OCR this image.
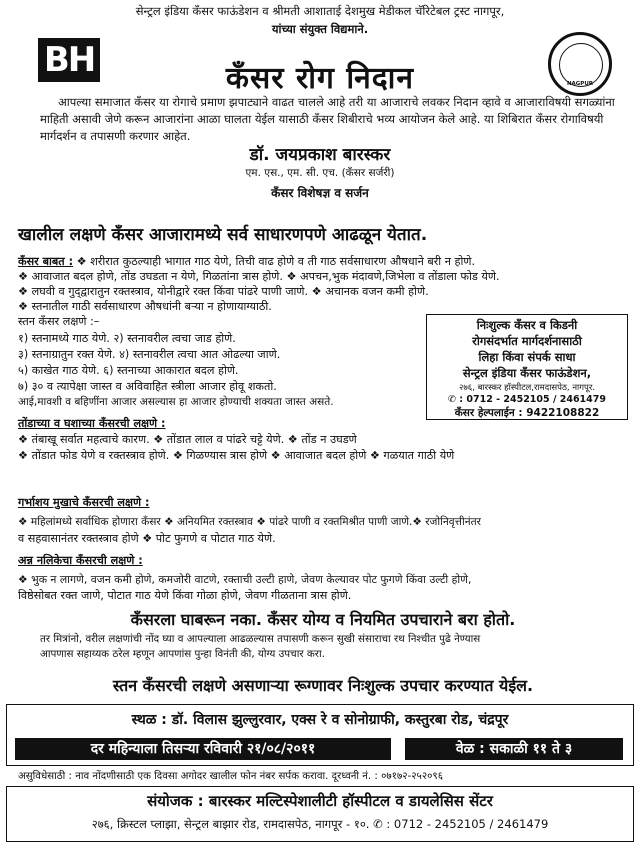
सेन्ट्रल इंडिया कॅंसर फाऊंडेशन व श्रीमती आशाताई देशमुख मेडीकल चॅरिटेबल ट्रस्ट नागपूर,
यांच्या संयुक्त विद्यमाने.
BH
NAGPUR
कॅंसर रोग निदान
आपल्या समाजात कॅंसर या रोगाचे प्रमाण झपाट्याने वाढत चालले आहे तरी या आजाराचे लवकर निदान व्हावे व आजाराविषयी सगळ्यांना माहिती असावी जेणे करून आजारांना आळा घालता येईल यासाठी कॅंसर शिबीराचे भव्य आयोजन केले आहे. या शिबिरात कॅंसर रोगाविषयी मार्गदर्शन व तपासणी करणार आहेत.
डॉ. जयप्रकाश बारस्कर
एम. एस., एम. सी. एच. (कॅंसर सर्जरी)
कॅंसर विशेषज्ञ व सर्जन
खालील लक्षणे कॅंसर आजारामध्ये सर्व साधारणपणे आढळून येतात.
कॅंसर बाबत : ❖ शरीरात कुठल्याही भागात गाठ येणे, तिची वाढ होणे व ती गाठ सर्वसाधारण औषधाने बरी न होणे.
❖ आवाजात बदल होणे, तोंड उघडता न येणे, गिळतांना त्रास होणे. ❖ अपचन,भुक मंदावणे,जिभेला व तोंडाला फोड येणे.
❖ लघवी व गुद्‌द्वारातुन रक्तस्त्राव, योनीद्वारे रक्त किंवा पांढरे पाणी जाणे. ❖ अचानक वजन कमी होणे.
❖ स्तनातील गाठी सर्वसाधारण औषधांनी बऱ्या न होणायाग्याठी.
स्तन कॅंसर लक्षणे :–
१) स्तनामध्ये गाठ येणे. २) स्तनावरील त्वचा जाड होणे.
३) स्तनाग्रातुन रक्त येणे. ४) स्तनावरील त्वचा आत ओढल्या जाणे.
५) काखेत गाठ येणे. ६) स्तनाच्या आकारात बदल होणे.
७) ३० व त्यापेक्षा जास्त व अविवाहित स्त्रीला आजार होवू शकतो.
आई,मावशी व बहिणींना आजार असल्यास हा आजार होण्याची शक्यता जास्त असते.
निःशुल्क कॅंसर व किडनी
रोगसंदर्भात मार्गदर्शनासाठी
लिहा किंवा संपर्क साधा
सेन्ट्रल इंडिया कॅंसर फाऊंडेशन,
२७६, बारस्कर हॉस्पीटल,रामदासपेठ, नागपूर.
✆ : 0712 - 2452105 / 2461479
कॅंसर हेल्पलाईन : 9422108822
तोंडाच्या व घशाच्या कॅंसरची लक्षणे :
❖ तंबाखू सर्वात महत्वाचे कारण. ❖ तोंडात लाल व पांढरे चट्टे येणे. ❖ तोंड न उघडणे
❖ तोंडात फोड येणे व रक्तस्त्राव होणे. ❖ गिळण्यास त्रास होणे ❖ आवाजात बदल होणे ❖ गळयात गाठी येणे
गर्भाशय मुखाचे कॅंसरची लक्षणे :
❖ महिलांमध्ये सर्वाधिक होणारा कॅंसर ❖ अनियमित रक्तस्त्राव ❖ पांढरे पाणी व रक्तमिश्रीत पाणी जाणे.❖ रजोनिवृत्तीनंतर
व सहवासानंतर रक्तस्त्राव होणे ❖ पोट फुगणे व पोटात गाठ येणे.
अन्न नलिकेचा कॅंसरची लक्षणे :
❖ भुक न लागणे, वजन कमी होणे, कमजोरी वाटणे, रक्ताची उल्टी हाणे, जेवण केल्यावर पोट फुगणे किंवा उल्टी होणे,
विष्ठेसोबत रक्त जाणे, पोटात गाठ येणे किंवा गोळा होणे, जेवण गीळताना त्रास होणे.
कॅंसरला घाबरून नका. कॅंसर योग्य व नियमित उपचाराने बरा होतो.
तर मित्रांनो, वरील लक्षणांची नोंद घ्या व आपल्याला आढळल्यास तपासणी करून सुखी संसाराचा रथ निश्चीत पुढे नेण्यास
आपणास सहाय्यक ठरेल म्हणून आपणांस पुन्हा विनंती की, योग्य उपचार करा.
स्तन कॅंसरची लक्षणे असणाऱ्या रूग्णावर निःशुल्क उपचार करण्यात येईल.
स्थळ : डॉ. विलास झुल्लुरवार, एक्स रे व सोनोग्राफी, कस्तुरबा रोड, चंद्रपूर
दर महिन्याला तिसऱ्या रविवारी २१/०८/२०११	वेळ : सकाळी ११ ते ३
असुविधेसाठी : नाव नोंदणीसाठी एक दिवसा अगोदर खालील फोन नंबर सर्पक करावा. दूरध्वनी नं. : ०७१७२-२५२०९६
संयोजक : बारस्कर मल्टिस्पेशालीटी हॉस्पीटल व डायलेसिस सेंटर
२७६, क्रिस्टल प्लाझा, सेन्ट्रल बाझार रोड, रामदासपेठ, नागपूर - १०. ✆ : 0712 - 2452105 / 2461479
